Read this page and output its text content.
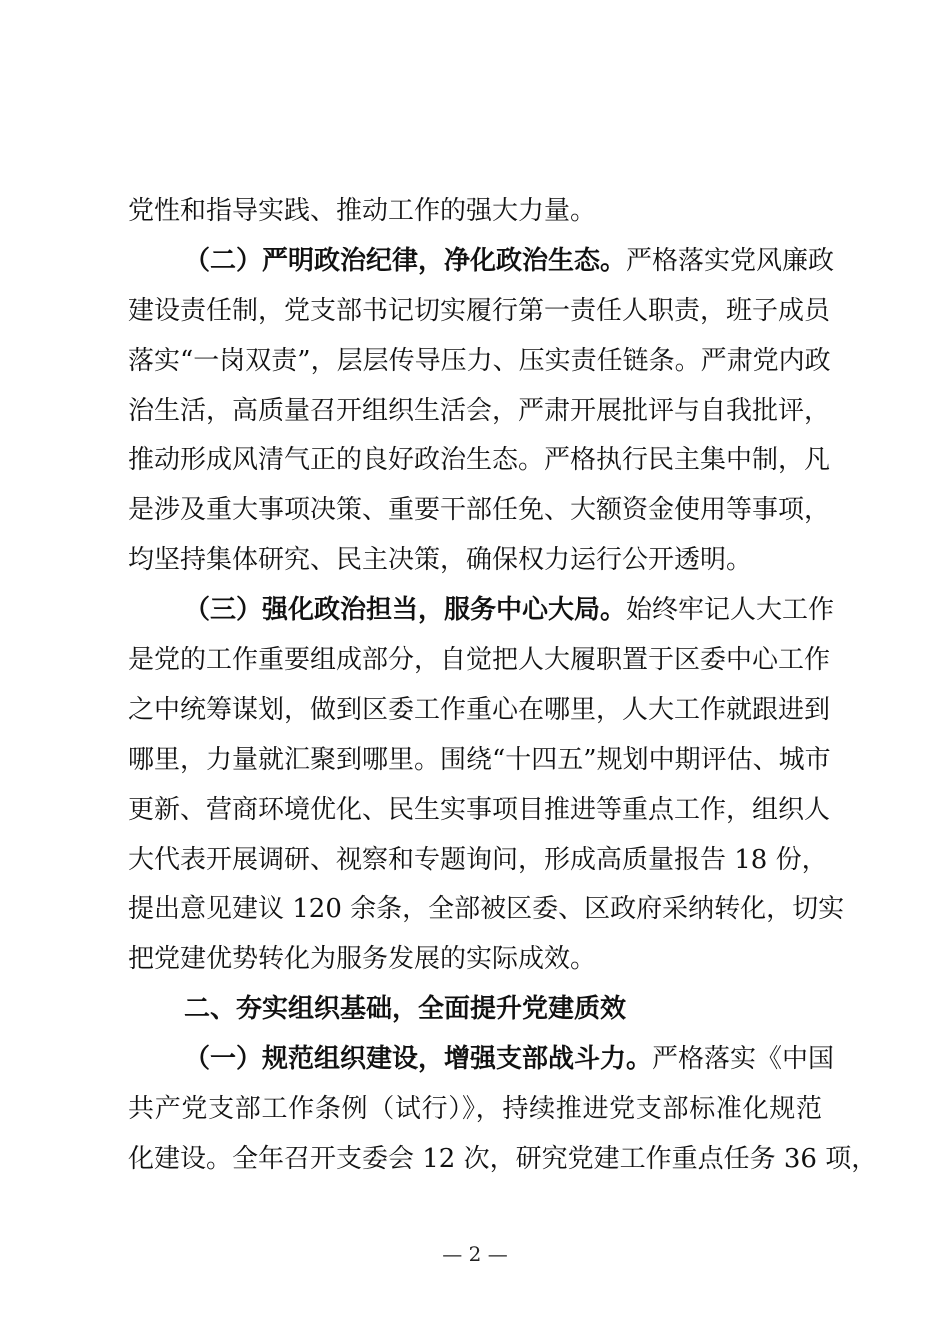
党性和指导实践、推动工作的强大力量。
（二）严明政治纪律，净化政治生态。严格落实党风廉政
建设责任制，党支部书记切实履行第一责任人职责，班子成员
落实“一岗双责”，层层传导压力、压实责任链条。严肃党内政
治生活，高质量召开组织生活会，严肃开展批评与自我批评，
推动形成风清气正的良好政治生态。严格执行民主集中制，凡
是涉及重大事项决策、重要干部任免、大额资金使用等事项，
均坚持集体研究、民主决策，确保权力运行公开透明。
（三）强化政治担当，服务中心大局。始终牢记人大工作
是党的工作重要组成部分，自觉把人大履职置于区委中心工作
之中统筹谋划，做到区委工作重心在哪里，人大工作就跟进到
哪里，力量就汇聚到哪里。围绕“十四五”规划中期评估、城市
更新、营商环境优化、民生实事项目推进等重点工作，组织人
大代表开展调研、视察和专题询问，形成高质量报告 18 份，
提出意见建议 120 余条，全部被区委、区政府采纳转化，切实
把党建优势转化为服务发展的实际成效。
二、夯实组织基础，全面提升党建质效
（一）规范组织建设，增强支部战斗力。严格落实《中国
共产党支部工作条例（试行）》，持续推进党支部标准化规范
化建设。全年召开支委会 12 次，研究党建工作重点任务 36 项，
— 2 —
